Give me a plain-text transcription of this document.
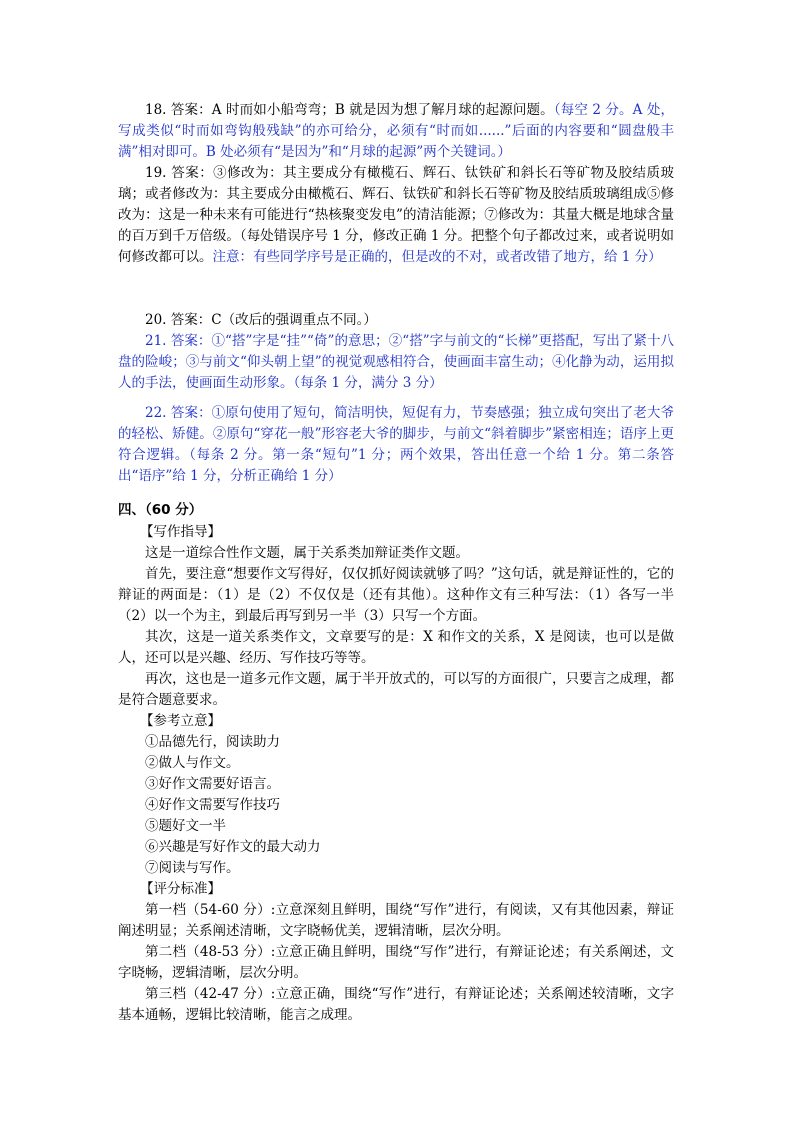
18. 答案：A 时而如小船弯弯；B 就是因为想了解月球的起源问题。（每空 2 分。A 处，写成类似“时而如弯钩般残缺”的亦可给分，必须有“时而如......”后面的内容要和“圆盘般丰满”相对即可。B 处必须有“是因为”和“月球的起源”两个关键词。）
19. 答案：③修改为：其主要成分有橄榄石、辉石、钛铁矿和斜长石等矿物及胶结质玻璃；或者修改为：其主要成分由橄榄石、辉石、钛铁矿和斜长石等矿物及胶结质玻璃组成⑤修改为：这是一种未来有可能进行“热核聚变发电”的清洁能源；⑦修改为：其量大概是地球含量的百万到千万倍级。（每处错误序号 1 分，修改正确 1 分。把整个句子都改过来，或者说明如何修改都可以。注意：有些同学序号是正确的，但是改的不对，或者改错了地方，给 1 分）
20. 答案：C（改后的强调重点不同。）
21. 答案：①“搭”字是“挂”“倚”的意思；②“搭”字与前文的“长梯”更搭配，写出了紧十八盘的险峻；③与前文“仰头朝上望”的视觉观感相符合，使画面丰富生动；④化静为动，运用拟人的手法，使画面生动形象。（每条 1 分，满分 3 分）
22. 答案：①原句使用了短句，简洁明快，短促有力，节奏感强；独立成句突出了老大爷的轻松、矫健。②原句“穿花一般”形容老大爷的脚步，与前文“斜着脚步”紧密相连；语序上更符合逻辑。（每条 2 分。第一条“短句”1 分；两个效果，答出任意一个给 1 分。第二条答出“语序”给 1 分，分析正确给 1 分）
四、（60 分）
【写作指导】
这是一道综合性作文题，属于关系类加辩证类作文题。
首先，要注意“想要作文写得好，仅仅抓好阅读就够了吗？”这句话，就是辩证性的，它的辩证的两面是：（1）是（2）不仅仅是（还有其他）。这种作文有三种写法：（1）各写一半（2）以一个为主，到最后再写到另一半（3）只写一个方面。
其次，这是一道关系类作文，文章要写的是：X 和作文的关系，X 是阅读，也可以是做人，还可以是兴趣、经历、写作技巧等等。
再次，这也是一道多元作文题，属于半开放式的，可以写的方面很广，只要言之成理，都是符合题意要求。
【参考立意】
①品德先行，阅读助力
②做人与作文。
③好作文需要好语言。
④好作文需要写作技巧
⑤题好文一半
⑥兴趣是写好作文的最大动力
⑦阅读与写作。
【评分标准】
第一档（54-60 分）:立意深刻且鲜明，围绕“写作”进行，有阅读，又有其他因素，辩证阐述明显；关系阐述清晰，文字晓畅优美，逻辑清晰，层次分明。
第二档（48-53 分）:立意正确且鲜明，围绕“写作”进行，有辩证论述；有关系阐述，文字晓畅，逻辑清晰，层次分明。
第三档（42-47 分）:立意正确，围绕“写作”进行，有辩证论述；关系阐述较清晰，文字基本通畅，逻辑比较清晰，能言之成理。
